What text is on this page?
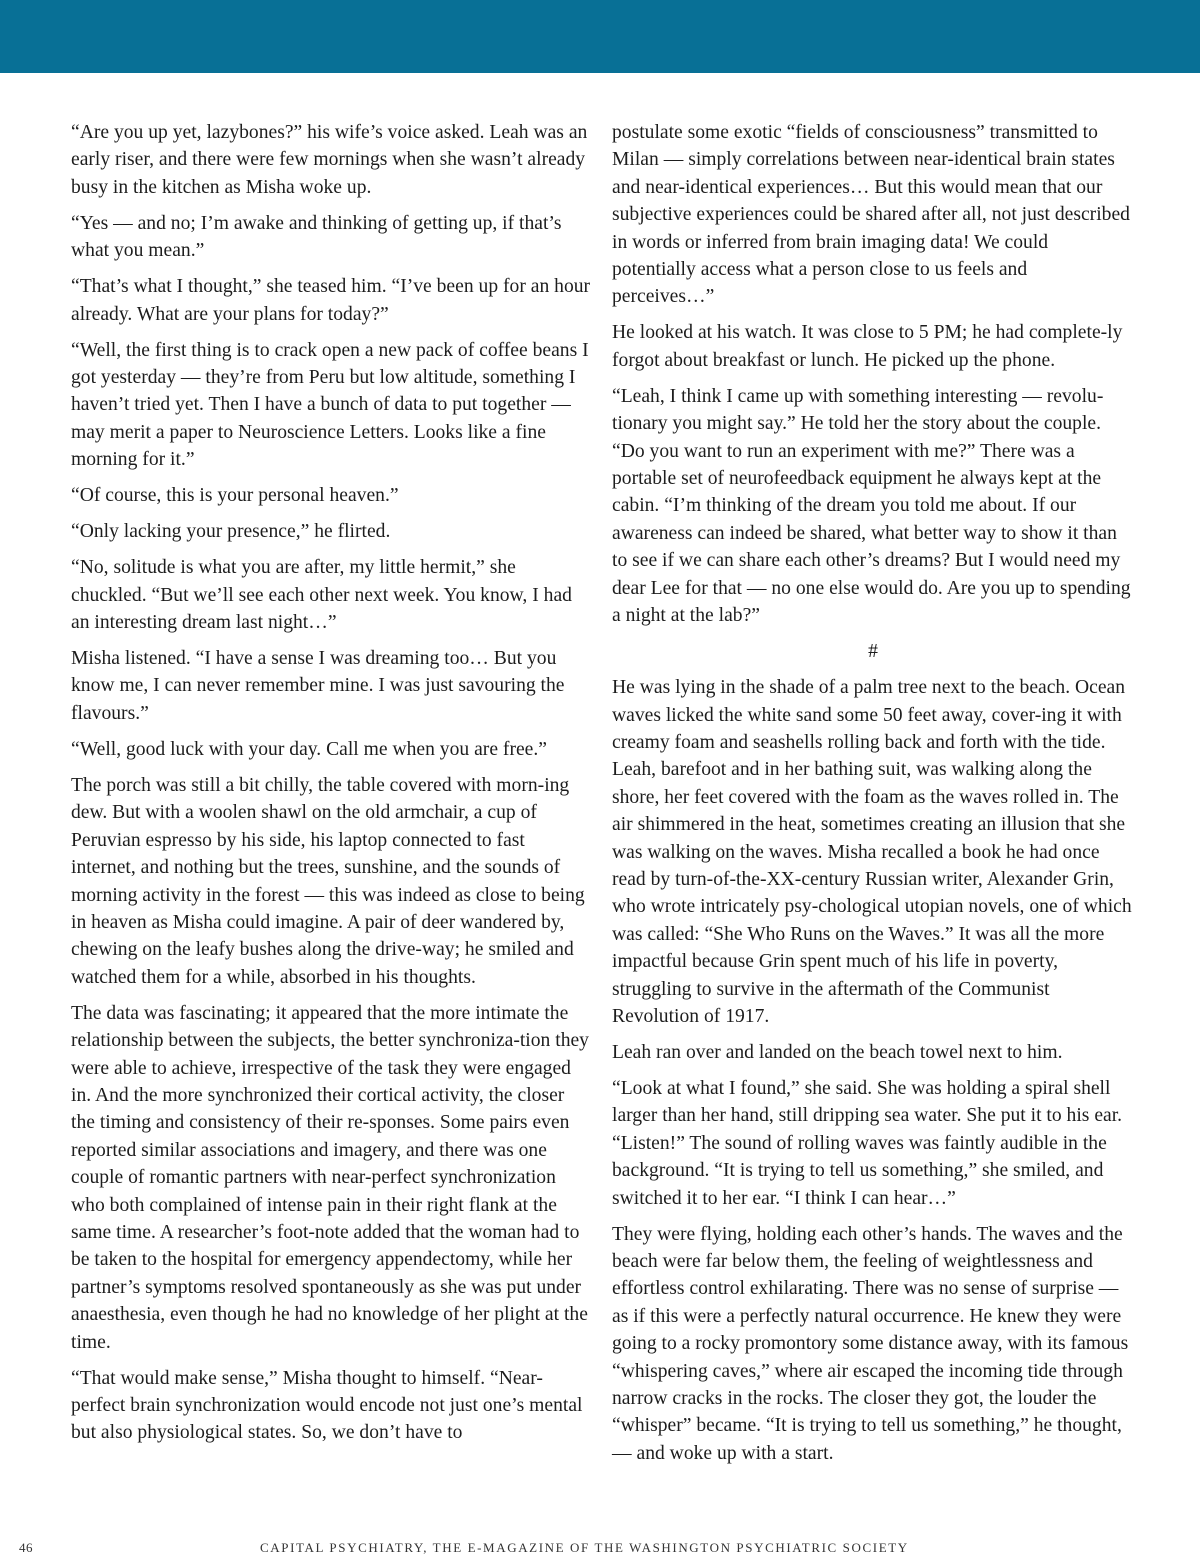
“Are you up yet, lazybones?” his wife’s voice asked. Leah was an early riser, and there were few mornings when she wasn’t already busy in the kitchen as Misha woke up.

“Yes — and no; I’m awake and thinking of getting up, if that’s what you mean.”

“That’s what I thought,” she teased him. “I’ve been up for an hour already. What are your plans for today?”

“Well, the first thing is to crack open a new pack of coffee beans I got yesterday — they’re from Peru but low altitude, something I haven’t tried yet. Then I have a bunch of data to put together — may merit a paper to Neuroscience Letters. Looks like a fine morning for it.”

“Of course, this is your personal heaven.”

“Only lacking your presence,” he flirted.

“No, solitude is what you are after, my little hermit,” she chuckled. “But we’ll see each other next week. You know, I had an interesting dream last night…”

Misha listened. “I have a sense I was dreaming too… But you know me, I can never remember mine. I was just savouring the flavours.”

“Well, good luck with your day. Call me when you are free.”

The porch was still a bit chilly, the table covered with morn-ing dew. But with a woolen shawl on the old armchair, a cup of Peruvian espresso by his side, his laptop connected to fast internet, and nothing but the trees, sunshine, and the sounds of morning activity in the forest — this was indeed as close to being in heaven as Misha could imagine. A pair of deer wandered by, chewing on the leafy bushes along the drive-way; he smiled and watched them for a while, absorbed in his thoughts.

The data was fascinating; it appeared that the more intimate the relationship between the subjects, the better synchroniza-tion they were able to achieve, irrespective of the task they were engaged in. And the more synchronized their cortical activity, the closer the timing and consistency of their re-sponses. Some pairs even reported similar associations and imagery, and there was one couple of romantic partners with near-perfect synchronization who both complained of intense pain in their right flank at the same time. A researcher’s foot-note added that the woman had to be taken to the hospital for emergency appendectomy, while her partner’s symptoms resolved spontaneously as she was put under anaesthesia, even though he had no knowledge of her plight at the time.

“That would make sense,” Misha thought to himself. “Near-perfect brain synchronization would encode not just one’s mental but also physiological states. So, we don’t have to

postulate some exotic “fields of consciousness” transmitted to Milan — simply correlations between near-identical brain states and near-identical experiences… But this would mean that our subjective experiences could be shared after all, not just described in words or inferred from brain imaging data! We could potentially access what a person close to us feels and perceives…”

He looked at his watch. It was close to 5 PM; he had complete-ly forgot about breakfast or lunch. He picked up the phone.

“Leah, I think I came up with something interesting — revolu-tionary you might say.” He told her the story about the couple. “Do you want to run an experiment with me?” There was a portable set of neurofeedback equipment he always kept at the cabin. “I’m thinking of the dream you told me about. If our awareness can indeed be shared, what better way to show it than to see if we can share each other’s dreams? But I would need my dear Lee for that — no one else would do. Are you up to spending a night at the lab?”

#

He was lying in the shade of a palm tree next to the beach. Ocean waves licked the white sand some 50 feet away, cover-ing it with creamy foam and seashells rolling back and forth with the tide. Leah, barefoot and in her bathing suit, was walking along the shore, her feet covered with the foam as the waves rolled in. The air shimmered in the heat, sometimes creating an illusion that she was walking on the waves. Misha recalled a book he had once read by turn-of-the-XX-century Russian writer, Alexander Grin, who wrote intricately psy-chological utopian novels, one of which was called: “She Who Runs on the Waves.” It was all the more impactful because Grin spent much of his life in poverty, struggling to survive in the aftermath of the Communist Revolution of 1917.

Leah ran over and landed on the beach towel next to him.

“Look at what I found,” she said. She was holding a spiral shell larger than her hand, still dripping sea water. She put it to his ear. “Listen!” The sound of rolling waves was faintly audible in the background. “It is trying to tell us something,” she smiled, and switched it to her ear. “I think I can hear…”

They were flying, holding each other’s hands. The waves and the beach were far below them, the feeling of weightlessness and effortless control exhilarating. There was no sense of surprise — as if this were a perfectly natural occurrence. He knew they were going to a rocky promontory some distance away, with its famous “whispering caves,” where air escaped the incoming tide through narrow cracks in the rocks. The closer they got, the louder the “whisper” became. “It is trying to tell us something,” he thought, — and woke up with a start.

46	CAPITAL PSYCHIATRY, THE E-MAGAZINE OF THE WASHINGTON PSYCHIATRIC SOCIETY
